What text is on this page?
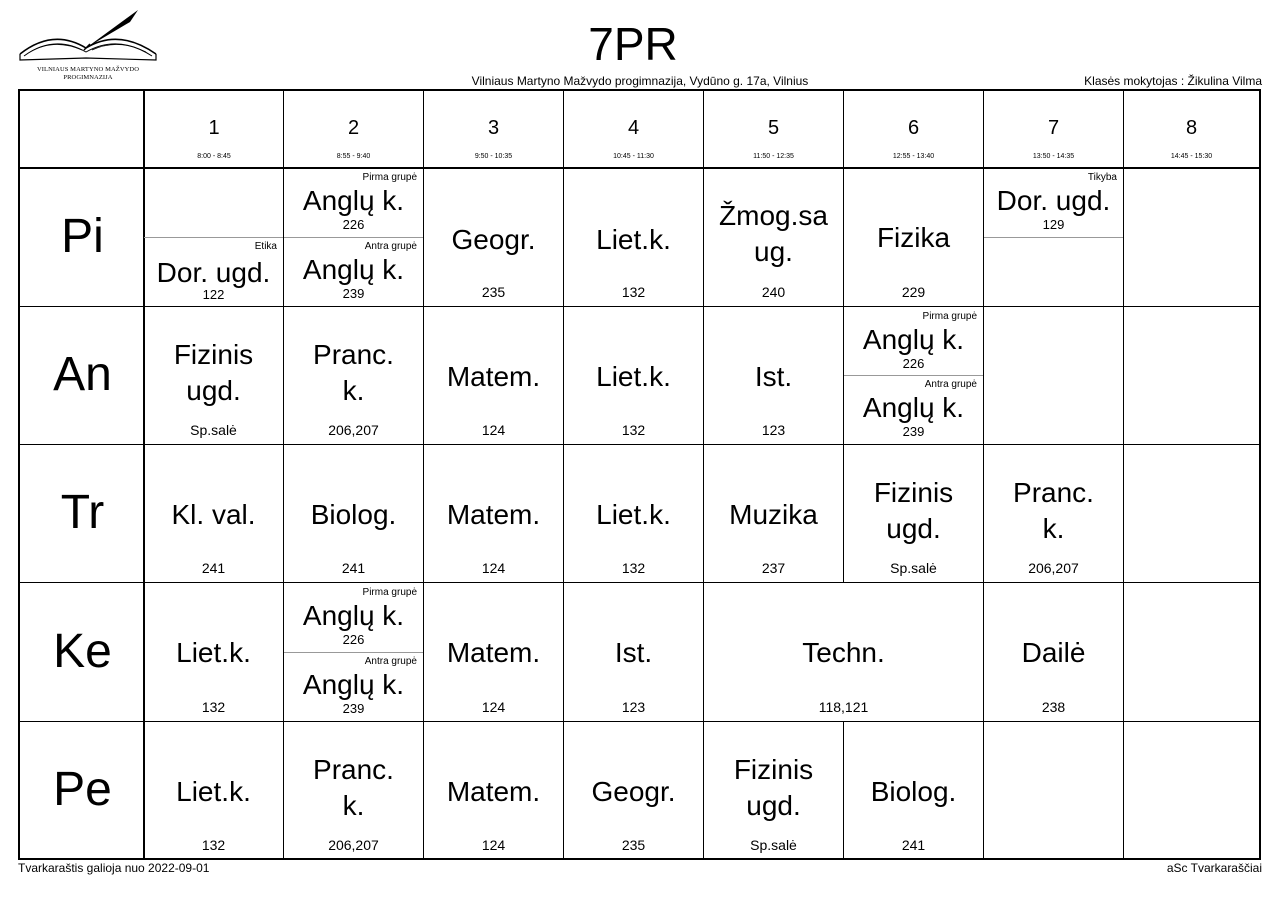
VILNIAUS MARTYNO MAŽVYDO
PROGIMNAZIJA
7PR
Vilniaus Martyno Mažvydo progimnazija, Vydūno g. 17a, Vilnius	Klasės mokytojas : Žikulina Vilma
1
8:00 - 8:45
2
8:55 - 9:40
3
9:50 - 10:35
4
10:45 - 11:30
5
11:50 - 12:35
6
12:55 - 13:40
7
13:50 - 14:35
8
14:45 - 15:30
Pi
An
Tr
Ke
Pe
Etika
Dor. ugd.
122
Pirma grupė
Anglų k.
226
Antra grupė
Anglų k.
239
Geogr.
235
Liet.k.
132
Žmog.sa
ug.
240
Fizika
229
Tikyba
Dor. ugd.
129
Fizinis
ugd.
Sp.salė
Pranc.
k.
206,207
Matem.
124
Liet.k.
132
Ist.
123
Pirma grupė
Anglų k.
226
Antra grupė
Anglų k.
239
Kl. val.
241
Biolog.
241
Matem.
124
Liet.k.
132
Muzika
237
Fizinis
ugd.
Sp.salė
Pranc.
k.
206,207
Liet.k.
132
Pirma grupė
Anglų k.
226
Antra grupė
Anglų k.
239
Matem.
124
Ist.
123
Techn.
118,121
Dailė
238
Liet.k.
132
Pranc.
k.
206,207
Matem.
124
Geogr.
235
Fizinis
ugd.
Sp.salė
Biolog.
241
Tvarkaraštis galioja nuo 2022-09-01	aSc Tvarkaraščiai
